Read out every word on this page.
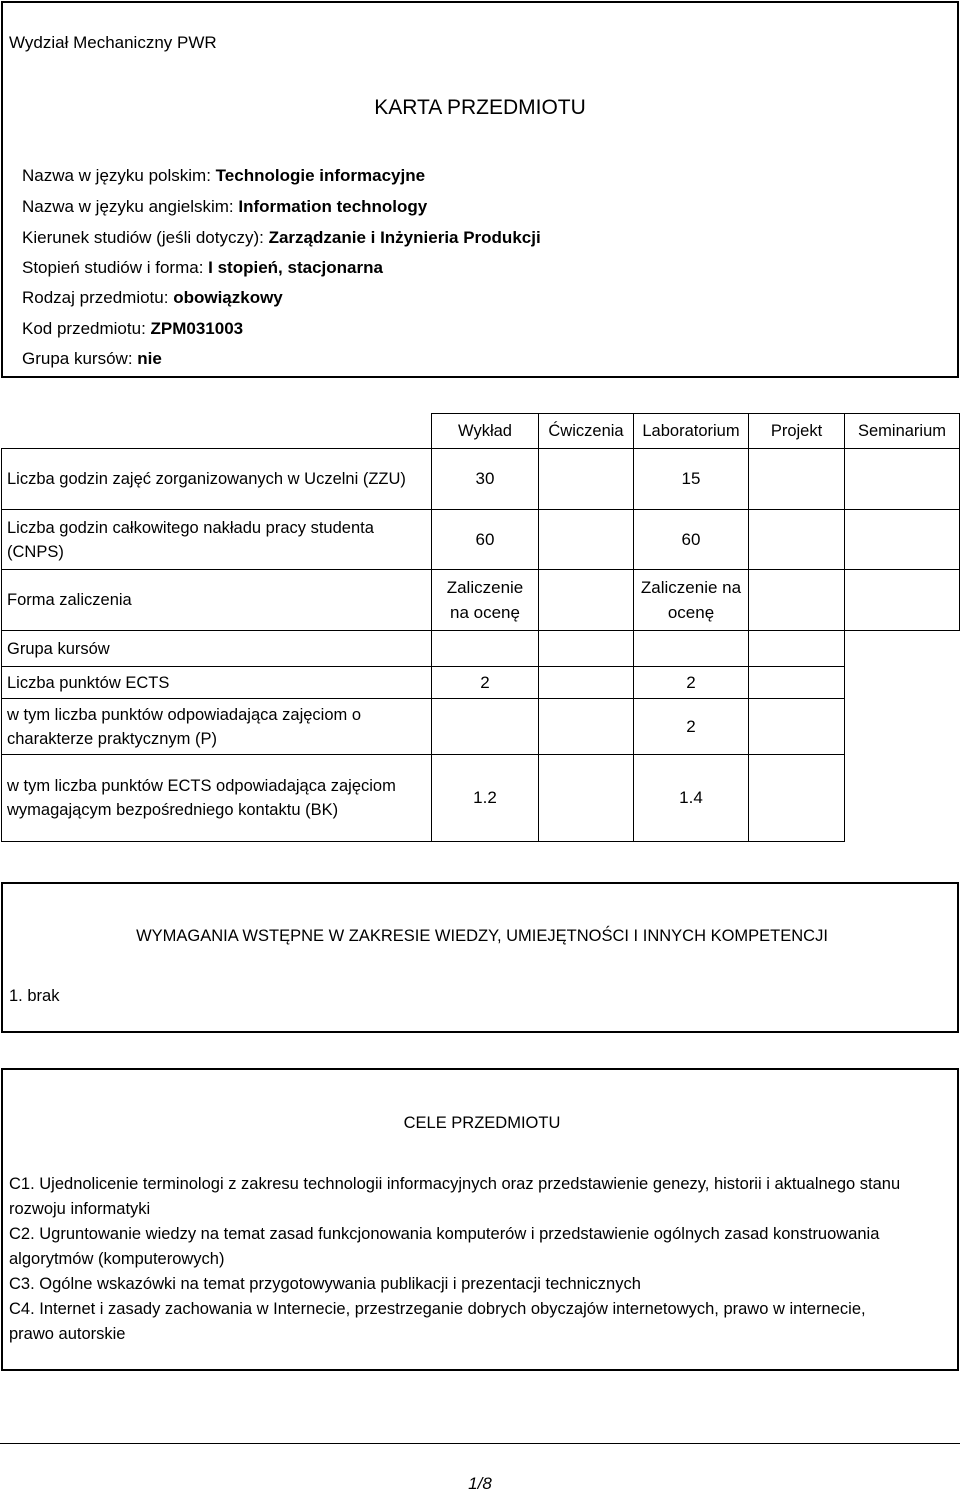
Wydział Mechaniczny PWR
KARTA PRZEDMIOTU
Nazwa w języku polskim: Technologie informacyjne
Nazwa w języku angielskim: Information technology
Kierunek studiów (jeśli dotyczy): Zarządzanie i Inżynieria Produkcji
Stopień studiów i forma: I stopień, stacjonarna
Rodzaj przedmiotu: obowiązkowy
Kod przedmiotu: ZPM031003
Grupa kursów: nie
	Wykład	Ćwiczenia	Laboratorium	Projekt	Seminarium
Liczba godzin zajęć zorganizowanych w Uczelni (ZZU)	30		15		
Liczba godzin całkowitego nakładu pracy studenta (CNPS)	60		60		
Forma zaliczenia	Zaliczenie na ocenę		Zaliczenie na ocenę		
Grupa kursów					
Liczba punktów ECTS	2		2		
w tym liczba punktów odpowiadająca zajęciom o charakterze praktycznym (P)			2		
w tym liczba punktów ECTS odpowiadająca zajęciom wymagającym bezpośredniego kontaktu (BK)	1.2		1.4		
WYMAGANIA WSTĘPNE W ZAKRESIE WIEDZY, UMIEJĘTNOŚCI I INNYCH KOMPETENCJI
1. brak
CELE PRZEDMIOTU
C1. Ujednolicenie terminologi z zakresu technologii informacyjnych oraz przedstawienie genezy, historii i aktualnego stanu rozwoju informatyki
C2. Ugruntowanie wiedzy na temat zasad funkcjonowania komputerów i przedstawienie ogólnych zasad konstruowania algorytmów (komputerowych)
C3. Ogólne wskazówki na temat przygotowywania publikacji i prezentacji technicznych
C4. Internet i zasady zachowania w Internecie, przestrzeganie dobrych obyczajów internetowych, prawo w internecie, prawo autorskie
1/8
